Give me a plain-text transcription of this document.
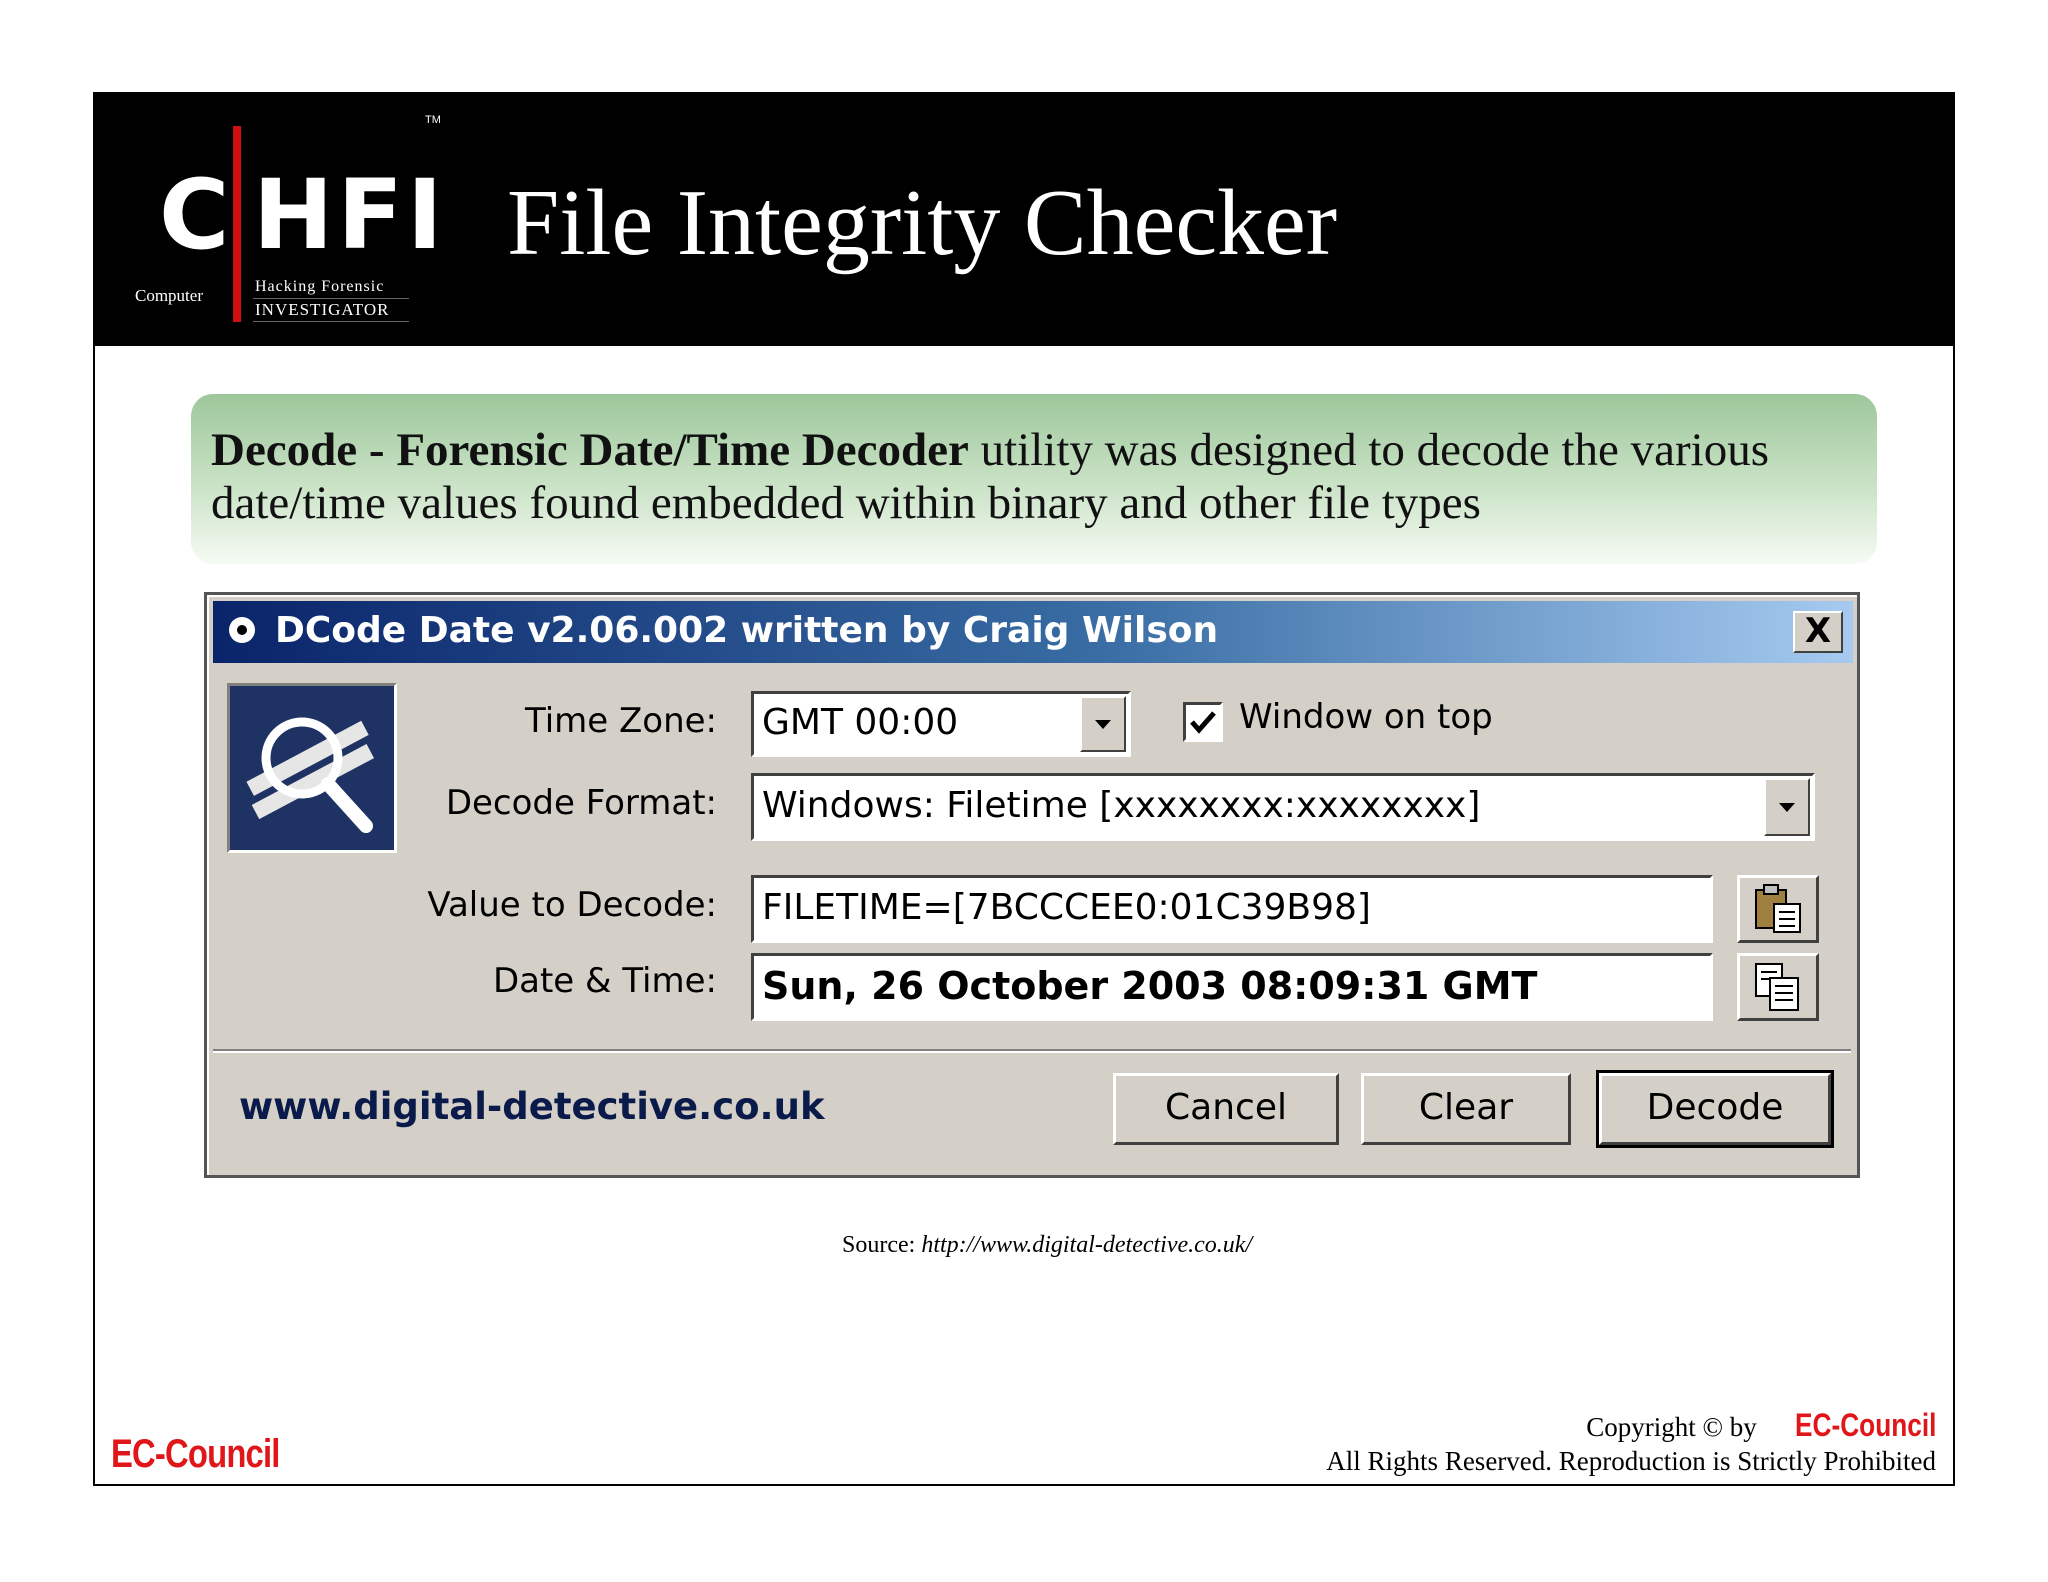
C HFI
TM
Computer	Hacking Forensic
INVESTIGATOR
File Integrity Checker

Decode - Forensic Date/Time Decoder utility was designed to decode the various date/time values found embedded within binary and other file types

DCode Date v2.06.002 written by Craig Wilson	X
Time Zone:	GMT 00:00	Window on top
Decode Format:	Windows: Filetime [xxxxxxxx:xxxxxxxx]
Value to Decode:	FILETIME=[7BCCCEE0:01C39B98]
Date & Time: Sun, 26 October 2003 08:09:31 GMT
www.digital-detective.co.uk	Cancel	Clear	Decode
Source: http://www.digital-detective.co.uk/
EC-Council
Copyright © by EC-Council
All Rights Reserved. Reproduction is Strictly Prohibited
